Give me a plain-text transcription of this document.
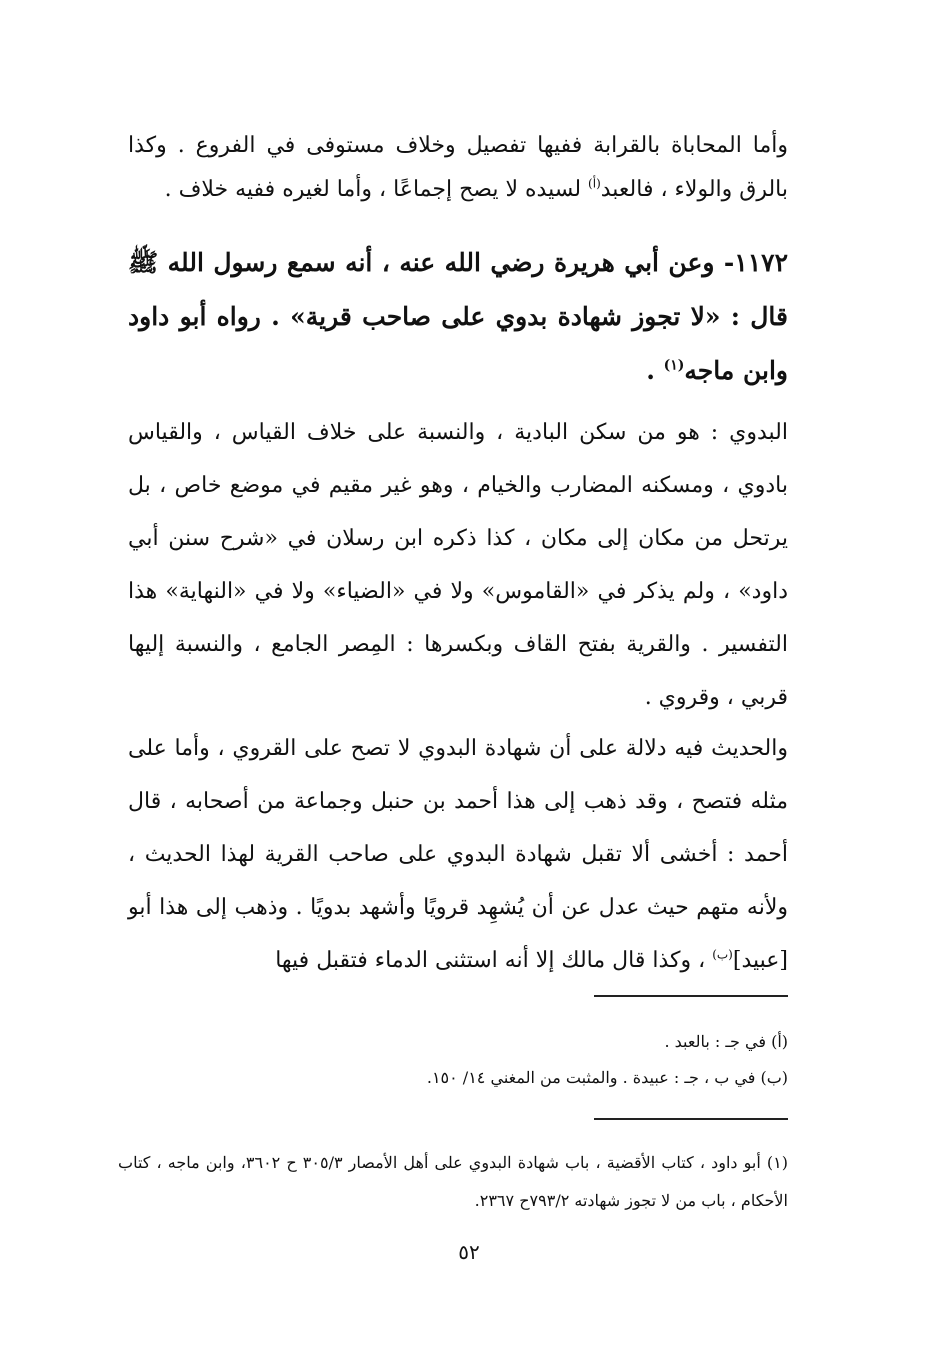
وأما المحاباة بالقرابة ففيها تفصيل وخلاف مستوفى في الفروع . وكذا بالرق والولاء ، فالعبد$^{(أ)}$ لسيده لا يصح إجماعًا ، وأما لغيره ففيه خلاف .
١١٧٢- وعن أبي هريرة رضي الله عنه ، أنه سمع رسول الله ﷺ قال : «لا تجوز شهادة بدوي على صاحب قرية» . رواه أبو داود وابن ماجه$^{(١)}$ .
البدوي : هو من سكن البادية ، والنسبة على خلاف القياس ، والقياس بادوي ، ومسكنه المضارب والخيام ، وهو غير مقيم في موضع خاص ، بل يرتحل من مكان إلى مكان ، كذا ذكره ابن رسلان في «شرح سنن أبي داود» ، ولم يذكر في «القاموس» ولا في «الضياء» ولا في «النهاية» هذا التفسير . والقرية بفتح القاف وبكسرها : المِصر الجامع ، والنسبة إليها قربي ، وقروي .
والحديث فيه دلالة على أن شهادة البدوي لا تصح على القروي ، وأما على مثله فتصح ، وقد ذهب إلى هذا أحمد بن حنبل وجماعة من أصحابه ، قال أحمد : أخشى ألا تقبل شهادة البدوي على صاحب القرية لهذا الحديث ، ولأنه متهم حيث عدل عن أن يُشهِد قرويًا وأشهد بدويًا . وذهب إلى هذا أبو [عبيد]$^{(ب)}$ ، وكذا قال مالك إلا أنه استثنى الدماء فتقبل فيها
(أ) في جـ : بالعبد .
(ب) في ب ، جـ : عبيدة . والمثبت من المغني ١٤/ ١٥٠.
(١) أبو داود ، كتاب الأقضية ، باب شهادة البدوي على أهل الأمصار ٣٠٥/٣ ح ٣٦٠٢، وابن ماجه ، كتاب الأحكام ، باب من لا تجوز شهادته ٧٩٣/٢ح ٢٣٦٧.
٥٢
